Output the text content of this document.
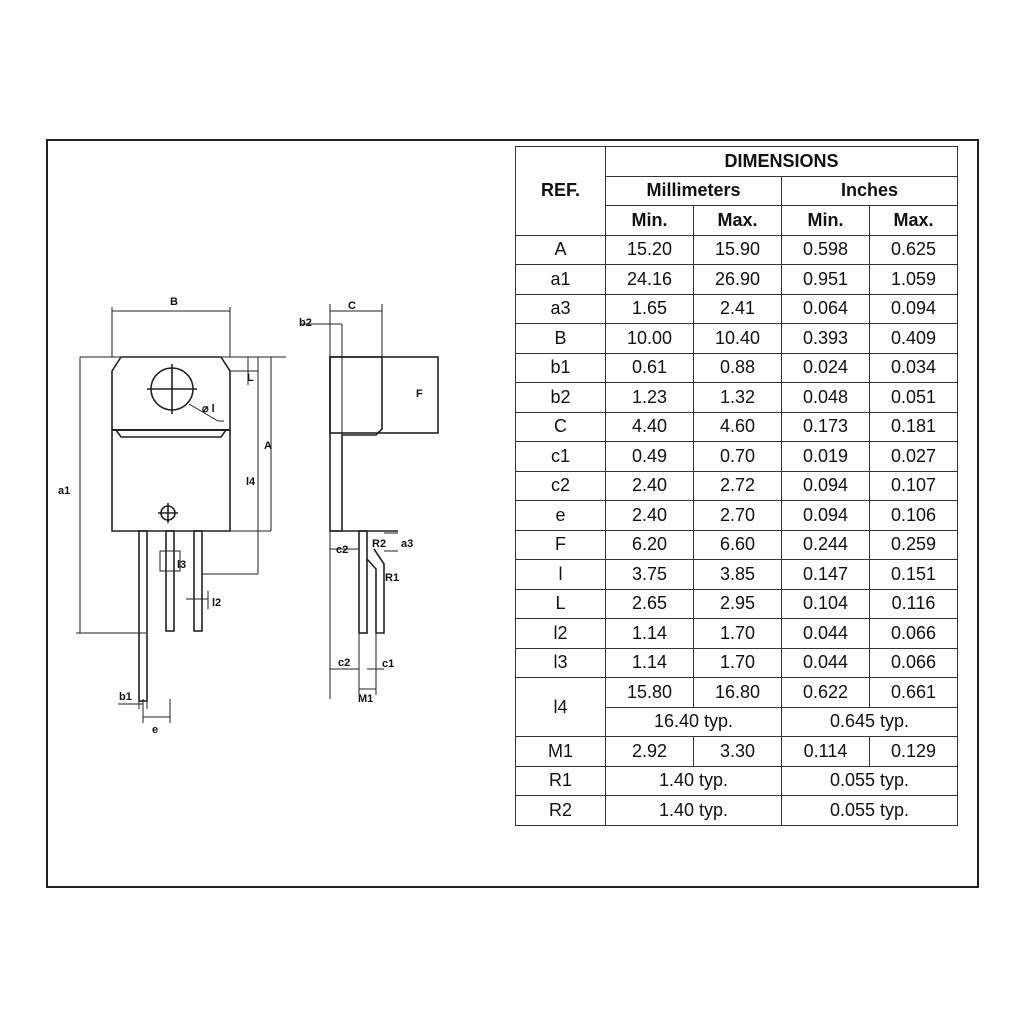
B	C
b2
L
F
A
a1
l4
⌀ l
c2 R2 a3
R1
l3
l2
c2	c1
M1
b1
e
REF.	DIMENSIONS			
	Millimeters		Inches	
	Min.	Max.	Min.	Max.
A	15.20	15.90	0.598	0.625
a1	24.16	26.90	0.951	1.059
a3	1.65	2.41	0.064	0.094
B	10.00	10.40	0.393	0.409
b1	0.61	0.88	0.024	0.034
b2	1.23	1.32	0.048	0.051
C	4.40	4.60	0.173	0.181
c1	0.49	0.70	0.019	0.027
c2	2.40	2.72	0.094	0.107
e	2.40	2.70	0.094	0.106
F	6.20	6.60	0.244	0.259
l	3.75	3.85	0.147	0.151
L	2.65	2.95	0.104	0.116
l2	1.14	1.70	0.044	0.066
l3	1.14	1.70	0.044	0.066
l4	15.80	16.80	0.622	0.661
	16.40 typ.		0.645 typ.	
M1	2.92	3.30	0.114	0.129
R1	1.40 typ.		0.055 typ.	
R2	1.40 typ.		0.055 typ.	
